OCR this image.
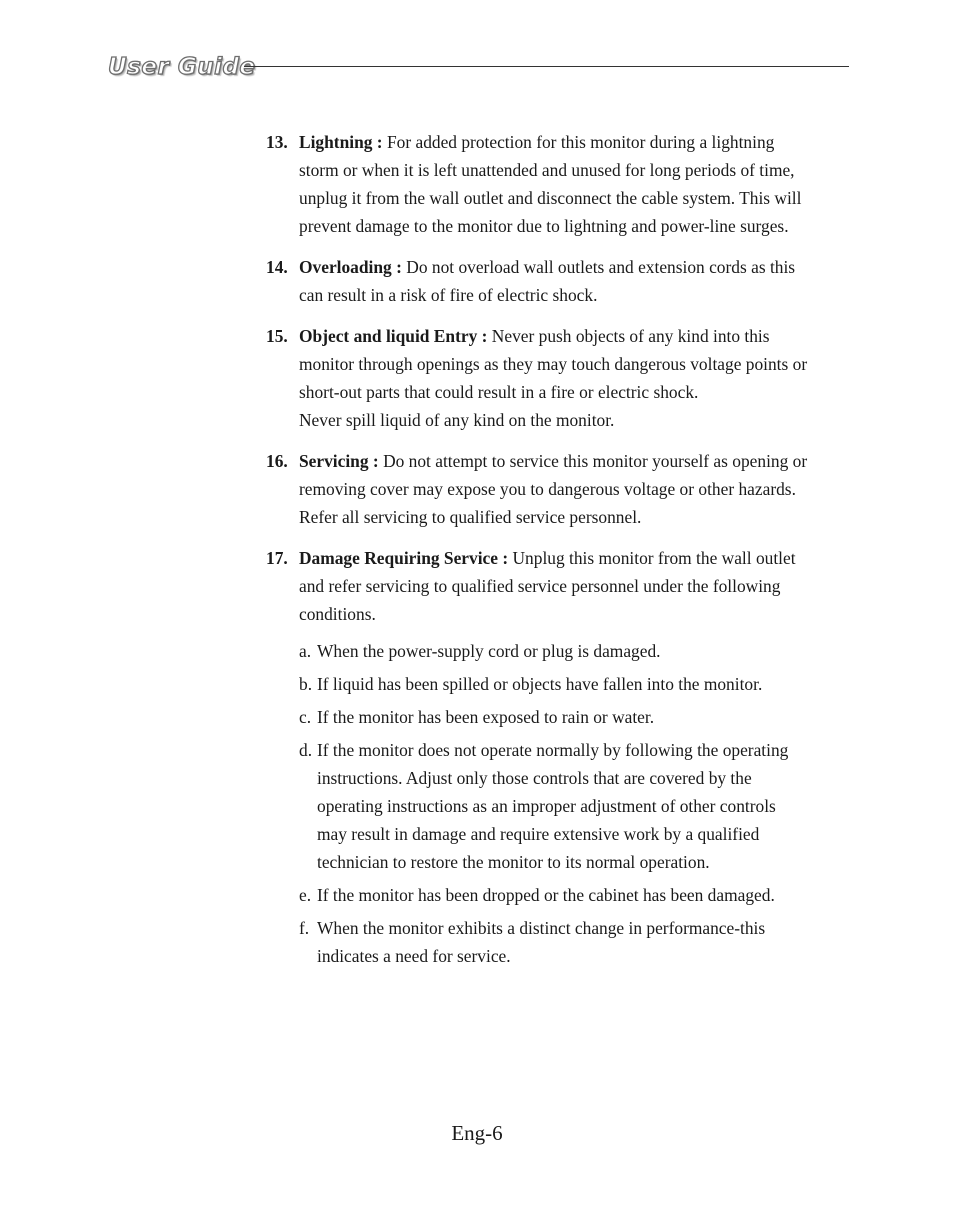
User Guide
13. Lightning : For added protection for this monitor during a lightning
storm or when it is left unattended and unused for long periods of time,
unplug it from the wall outlet and disconnect the cable system. This will
prevent damage to the monitor due to lightning and power-line surges.
14. Overloading : Do not overload wall outlets and extension cords as this
can result in a risk of fire of electric shock.
15. Object and liquid Entry : Never push objects of any kind into this
monitor through openings as they may touch dangerous voltage points or
short-out parts that could result in a fire or electric shock.
Never spill liquid of any kind on the monitor.
16. Servicing : Do not attempt to service this monitor yourself as opening or
removing cover may expose you to dangerous voltage or other hazards.
Refer all servicing to qualified service personnel.
17. Damage Requiring Service : Unplug this monitor from the wall outlet
and refer servicing to qualified service personnel under the following
conditions.
a. When the power-supply cord or plug is damaged.
b. If liquid has been spilled or objects have fallen into the monitor.
c. If the monitor has been exposed to rain or water.
d. If the monitor does not operate normally by following the operating
instructions. Adjust only those controls that are covered by the
operating instructions as an improper adjustment of other controls
may result in damage and require extensive work by a qualified
technician to restore the monitor to its normal operation.
e. If the monitor has been dropped or the cabinet has been damaged.
f. When the monitor exhibits a distinct change in performance-this
indicates a need for service.
Eng-6
